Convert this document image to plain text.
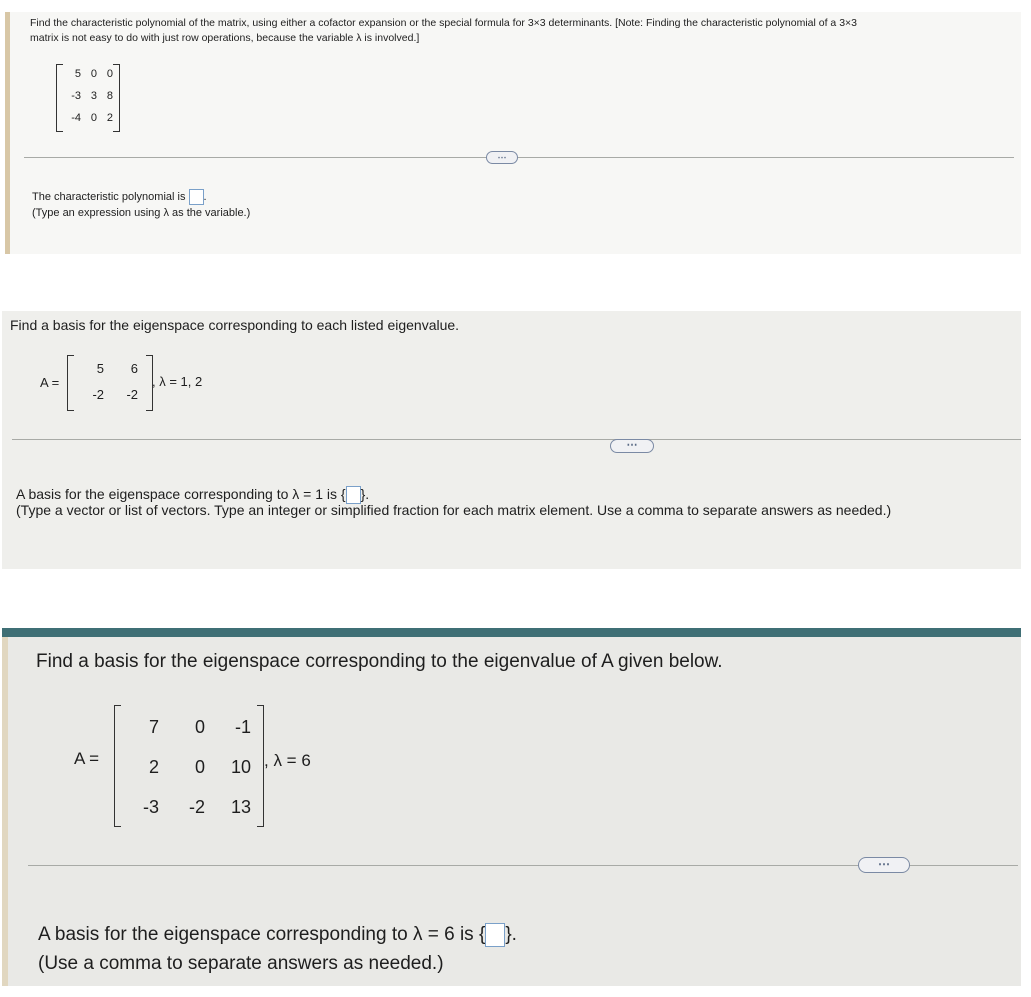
Find the characteristic polynomial of the matrix, using either a cofactor expansion or the special formula for 3×3 determinants. [Note: Finding the characteristic polynomial of a 3×3
matrix is not easy to do with just row operations, because the variable λ is involved.]
5 0 0
-3 3 8
-4 0 2
⋯
The characteristic polynomial is .
(Type an expression using λ as the variable.)
Find a basis for the eigenspace corresponding to each listed eigenvalue.
A =
5	6
-2	-2
, λ = 1, 2
⋯
A basis for the eigenspace corresponding to λ = 1 is { }.
(Type a vector or list of vectors. Type an integer or simplified fraction for each matrix element. Use a comma to separate answers as needed.)
Find a basis for the eigenspace corresponding to the eigenvalue of A given below.
A =
7	0	-1
2	0	10
-3	-2	13
, λ = 6
⋯
A basis for the eigenspace corresponding to λ = 6 is { }.
(Use a comma to separate answers as needed.)
